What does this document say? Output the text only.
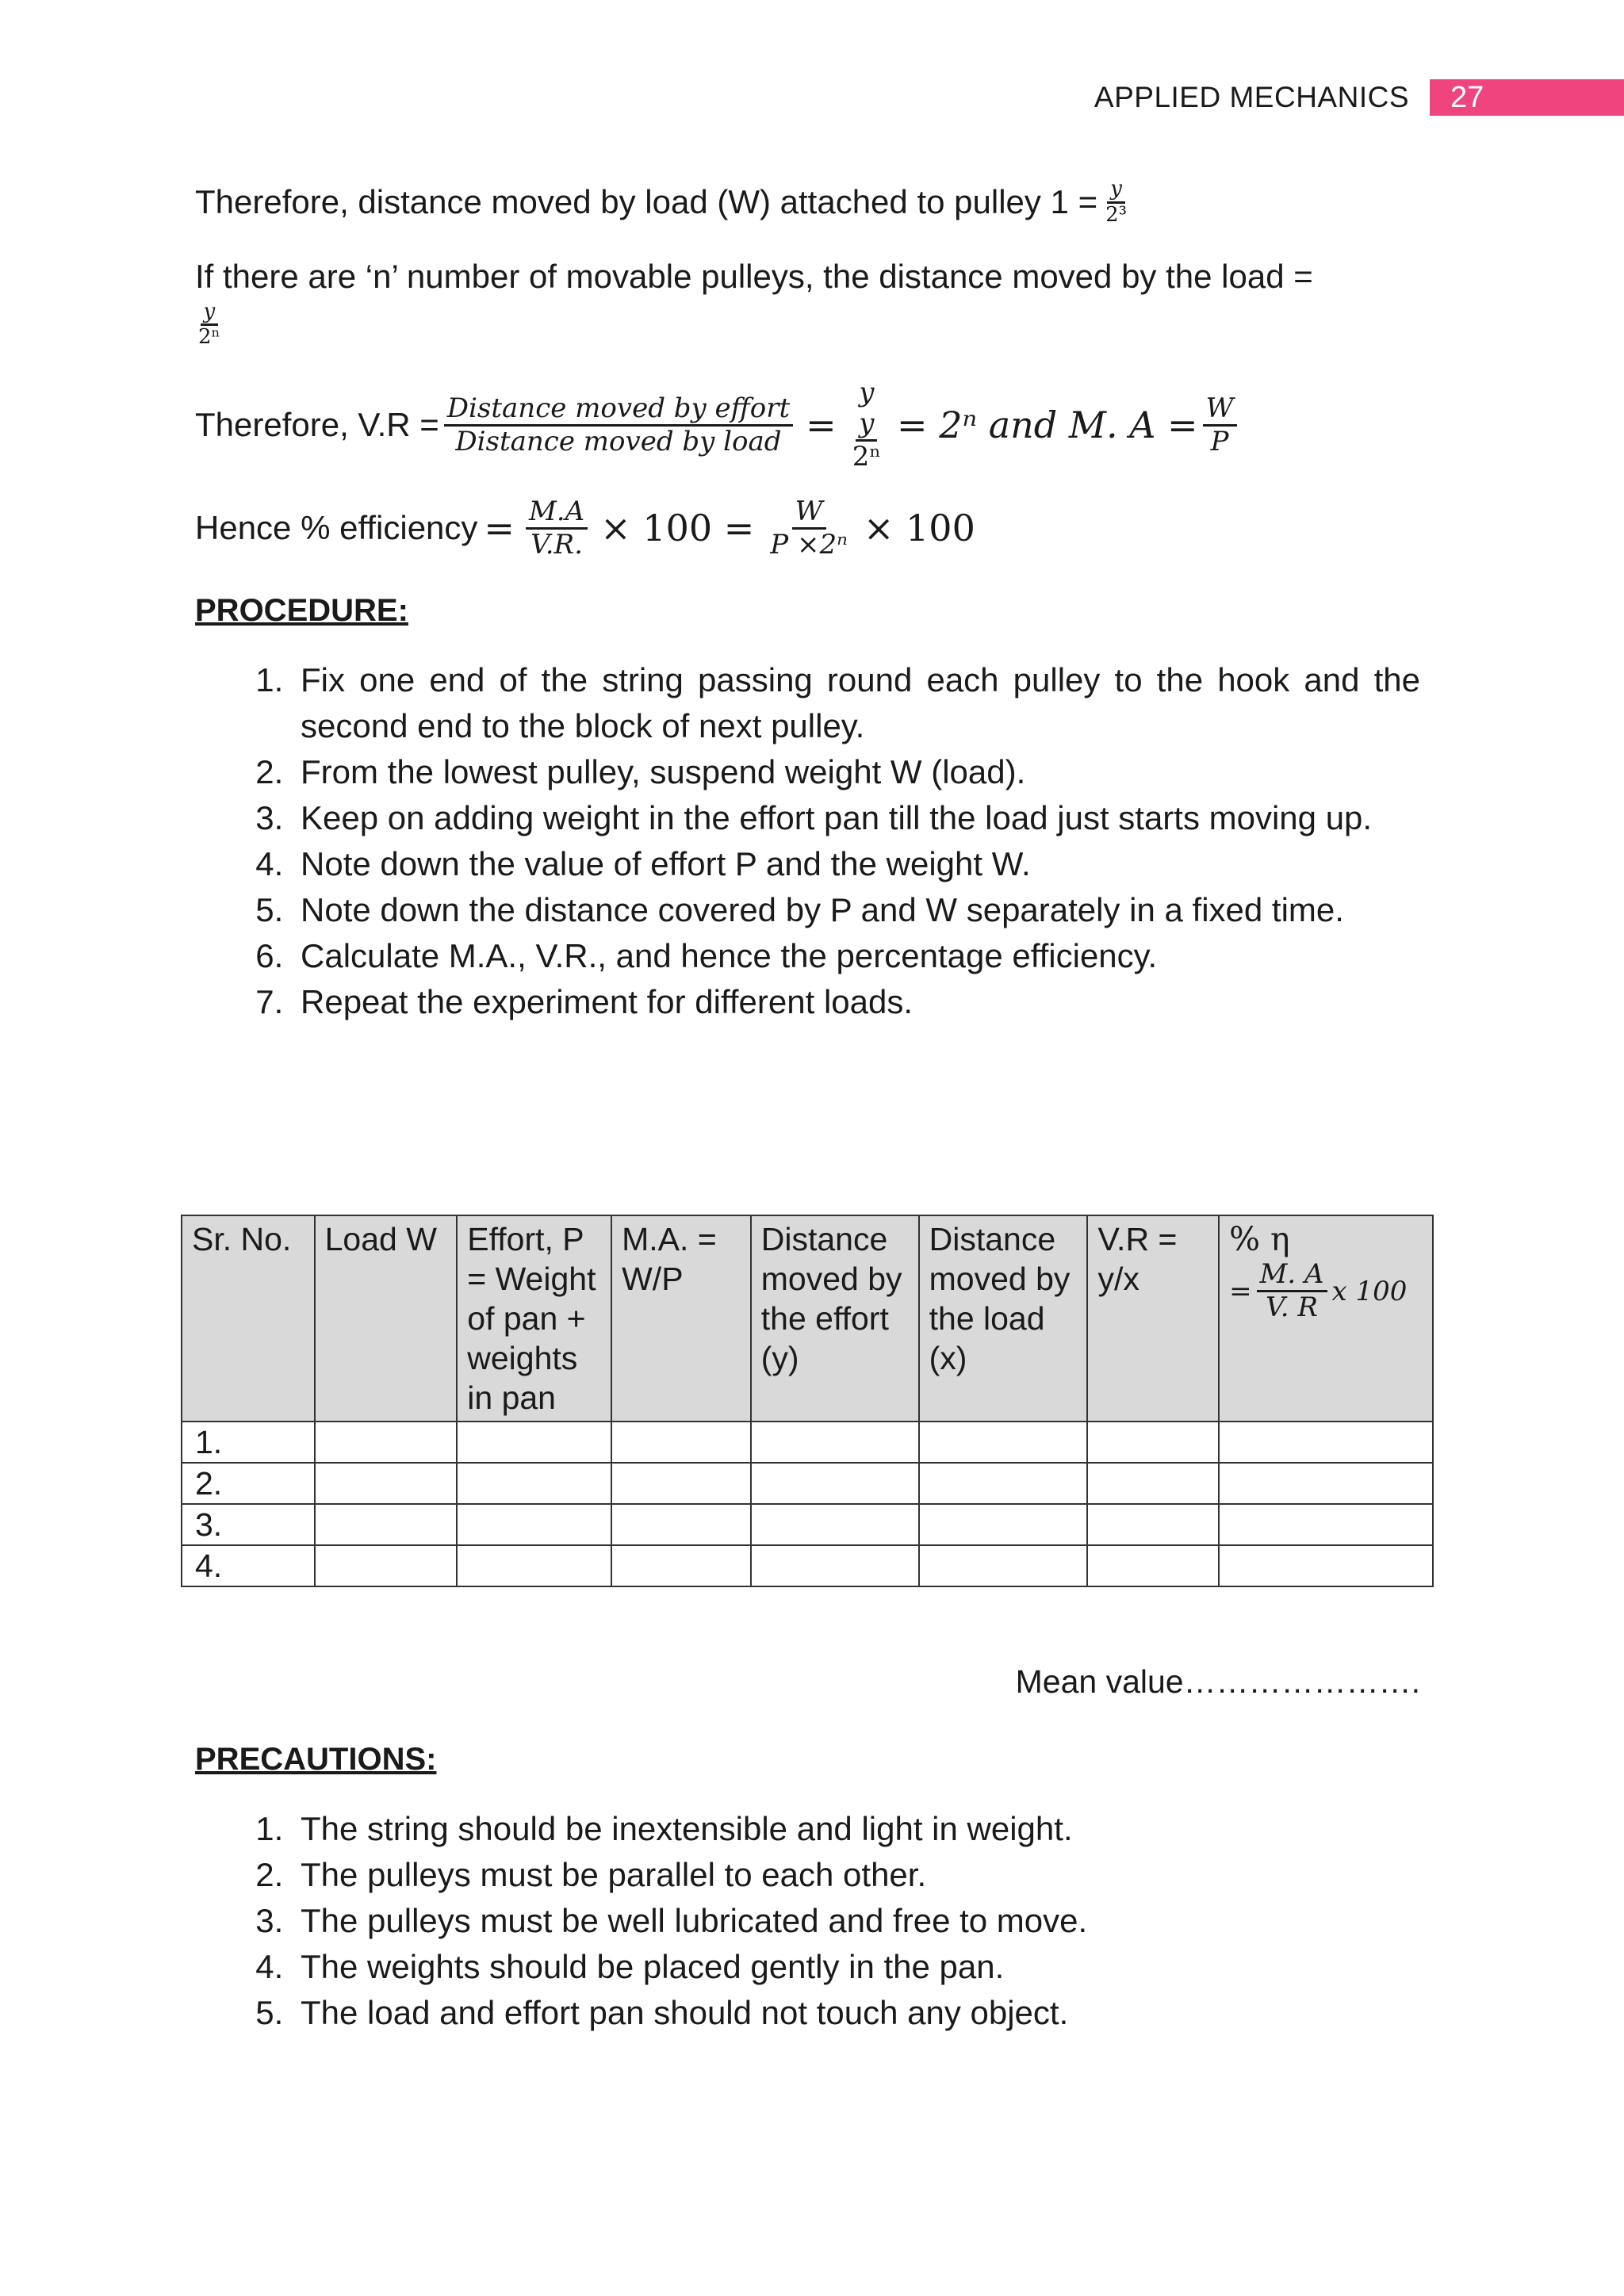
APPLIED MECHANICS	27
Therefore, distance moved by load (W) attached to pulley $1 = \frac{y}{\text{2³}}$
If there are ‘n’ number of movable pulleys, the distance moved by the load =
$\frac{y}{\text{2ⁿ}}$
Therefore, $V.R = \frac{\text{Distance moved by effort}}{\text{Distance moved by load}}$ =
y
y
2ⁿ
= 2ⁿ and M. $A = \frac{W}{P}$
Hence % efficiency = $\frac{M.A}{V.R.} \times 100 = \frac{W}{\text{P ×2ⁿ}} \times 100$
PROCEDURE:
1. Fix one end of the string passing round each pulley to the hook and the second end to the block of next pulley.
2. From the lowest pulley, suspend weight W (load).
3. Keep on adding weight in the effort pan till the load just starts moving up.
4. Note down the value of effort P and the weight W.
5. Note down the distance covered by P and W separately in a fixed time.
6. Calculate M.A., V.R., and hence the percentage efficiency.
7. Repeat the experiment for different loads.
Sr. No.	Load W	Effort, P = Weight of pan + weights in pan	M.A. = W/P	Distance moved by the effort (y)	Distance moved by the load (x)	V.R = y/x	% η
= $\frac{M. A}{V. R}$ x 100

1.							
2.							
3.							
4.							
Mean value………………….
PRECAUTIONS:
1. The string should be inextensible and light in weight.
2. The pulleys must be parallel to each other.
3. The pulleys must be well lubricated and free to move.
4. The weights should be placed gently in the pan.
5. The load and effort pan should not touch any object.
